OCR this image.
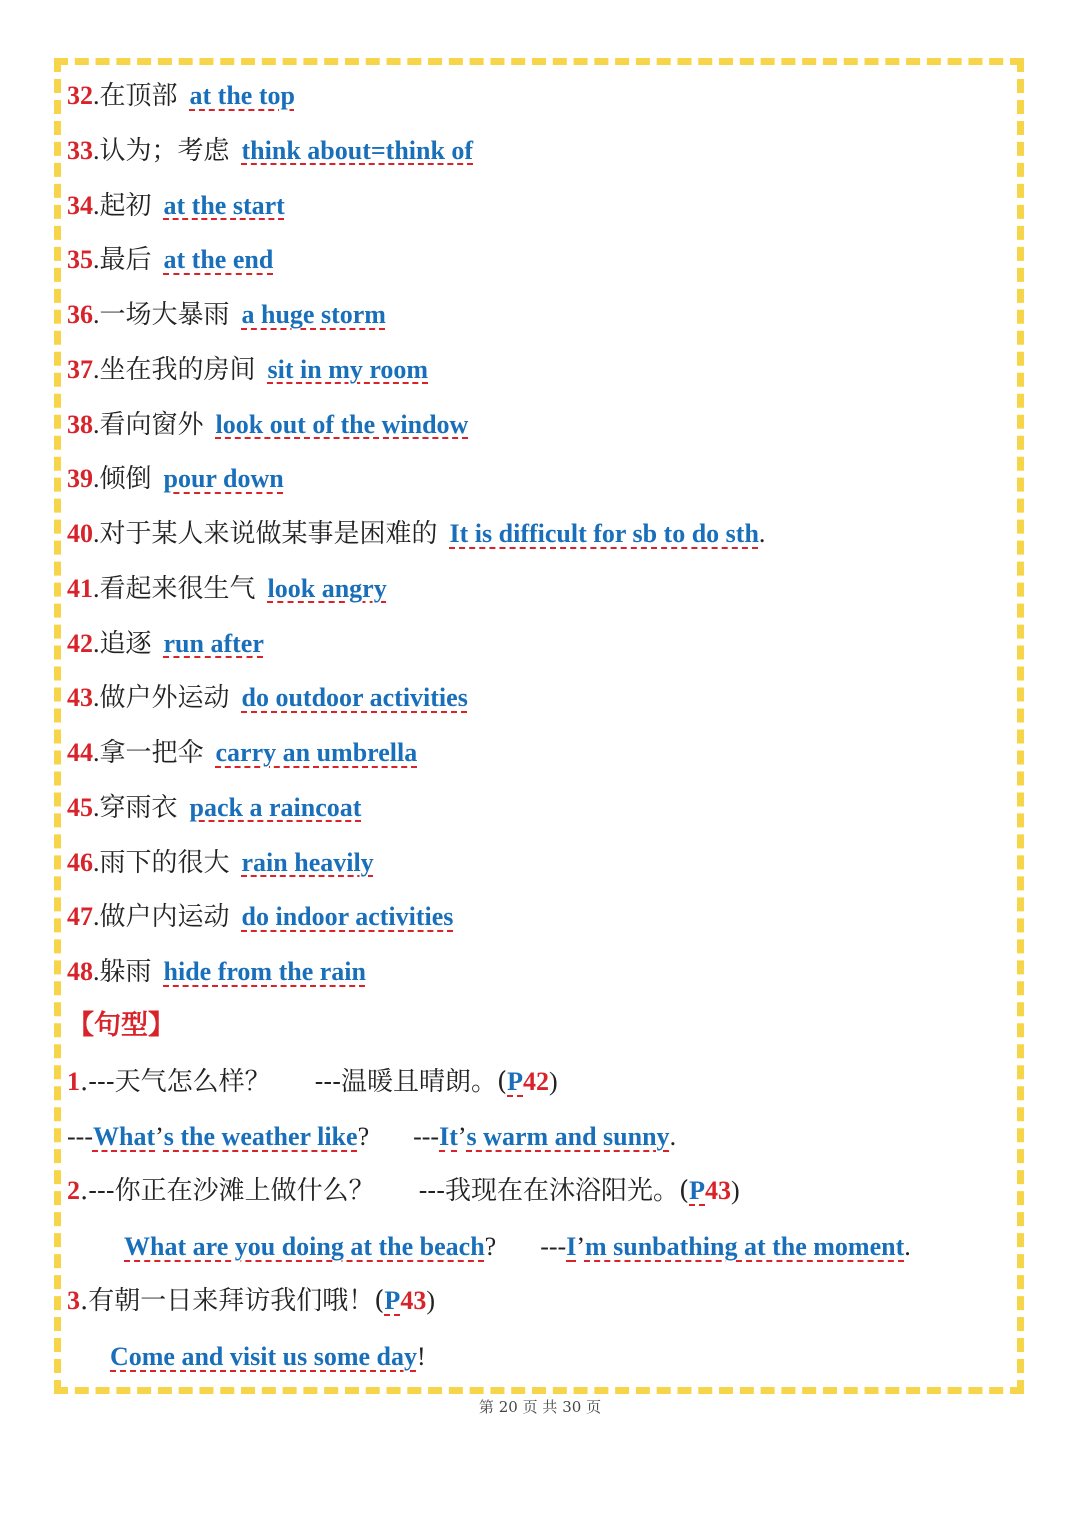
32.在顶部 at the top
33.认为；考虑 think about=think of
34.起初 at the start
35.最后 at the end
36.一场大暴雨 a huge storm
37.坐在我的房间 sit in my room
38.看向窗外 look out of the window
39.倾倒 pour down
40.对于某人来说做某事是困难的 It is difficult for sb to do sth.
41.看起来很生气 look angry
42.追逐 run after
43.做户外运动 do outdoor activities
44.拿一把伞 carry an umbrella
45.穿雨衣 pack a raincoat
46.雨下的很大 rain heavily
47.做户内运动 do indoor activities
48.躲雨 hide from the rain
【句型】
1.---天气怎么样？ ---温暖且晴朗。(P42)
---What’s the weather like? ---It’s warm and sunny.
2.---你正在沙滩上做什么？ ---我现在在沐浴阳光。(P43)
What are you doing at the beach? ---I’m sunbathing at the moment.
3.有朝一日来拜访我们哦！(P43)
Come and visit us some day!
第 20 页 共 30 页
